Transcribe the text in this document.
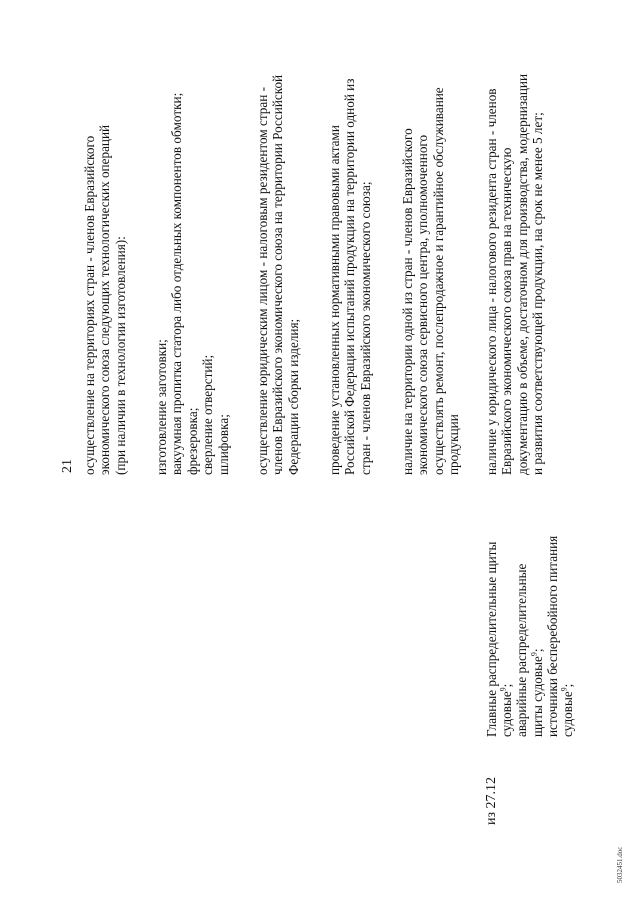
21
из 27.12
Главные распределительные щиты
судовые$^9$;
аварийные распределительные
щиты судовые$^9$;
источники бесперебойного питания
судовые$^9$;
осуществление на территориях стран - членов Евразийского экономического союза следующих технологических операций (при наличии в технологии изготовления): изготовление заготовки; вакуумная пропитка статора либо отдельных компонентов обмотки; фрезеровка; сверление отверстий; шлифовка; осуществление юридическим лицом - налоговым резидентом стран - членов Евразийского экономического союза на территории Российской Федерации сборки изделия; проведение установленных нормативными правовыми актами Российской Федерации испытаний продукции на территории одной из стран - членов Евразийского экономического союза; наличие на территории одной из стран - членов Евразийского экономического союза сервисного центра, уполномоченного осуществлять ремонт, послепродажное и гарантийное обслуживание продукции наличие у юридического лица - налогового резидента стран - членов Евразийского экономического союза прав на техническую документацию в объеме, достаточном для производства, модернизации и развития соответствующей продукции, на срок не менее 5 лет;
5032451.doc
